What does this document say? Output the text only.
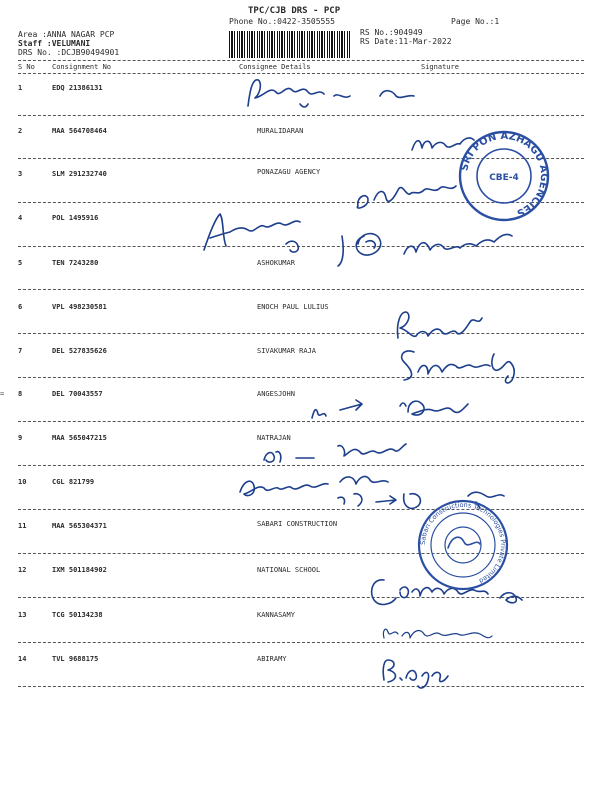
TPC/CJB DRS - PCP
Phone No.:0422-3505555	Page No.:1
Area :ANNA NAGAR PCP
Staff :VELUMANI
DRS No. :DCJB90494901
RS No.:904949
RS Date:11-Mar-2022
S No Consignment No	Consignee Details	Signature
1	EDQ 21386131
2	MAA 564708464	MURALIDARAN
3	SLM 291232740	PONAZAGU AGENCY
4	POL 1495916
5	TEN 7243280	ASHOKUMAR
6	VPL 498230581	ENOCH PAUL LULIUS
7	DEL 527835626	SIVAKUMAR RAJA
= 8	DEL 70043557	ANGESJOHN
9	MAA 565047215	NATRAJAN
10	CGL 821799
11	MAA 565304371	SABARI CONSTRUCTION
12	IXM 501184902	NATIONAL SCHOOL
13	TCG 50134238	KANNASAMY
14	TVL 9688175	ABIRAMY
SRI PON AZHAGU AGENCIES
CBE-4
Sabari Constructions Technologies Private Limited
